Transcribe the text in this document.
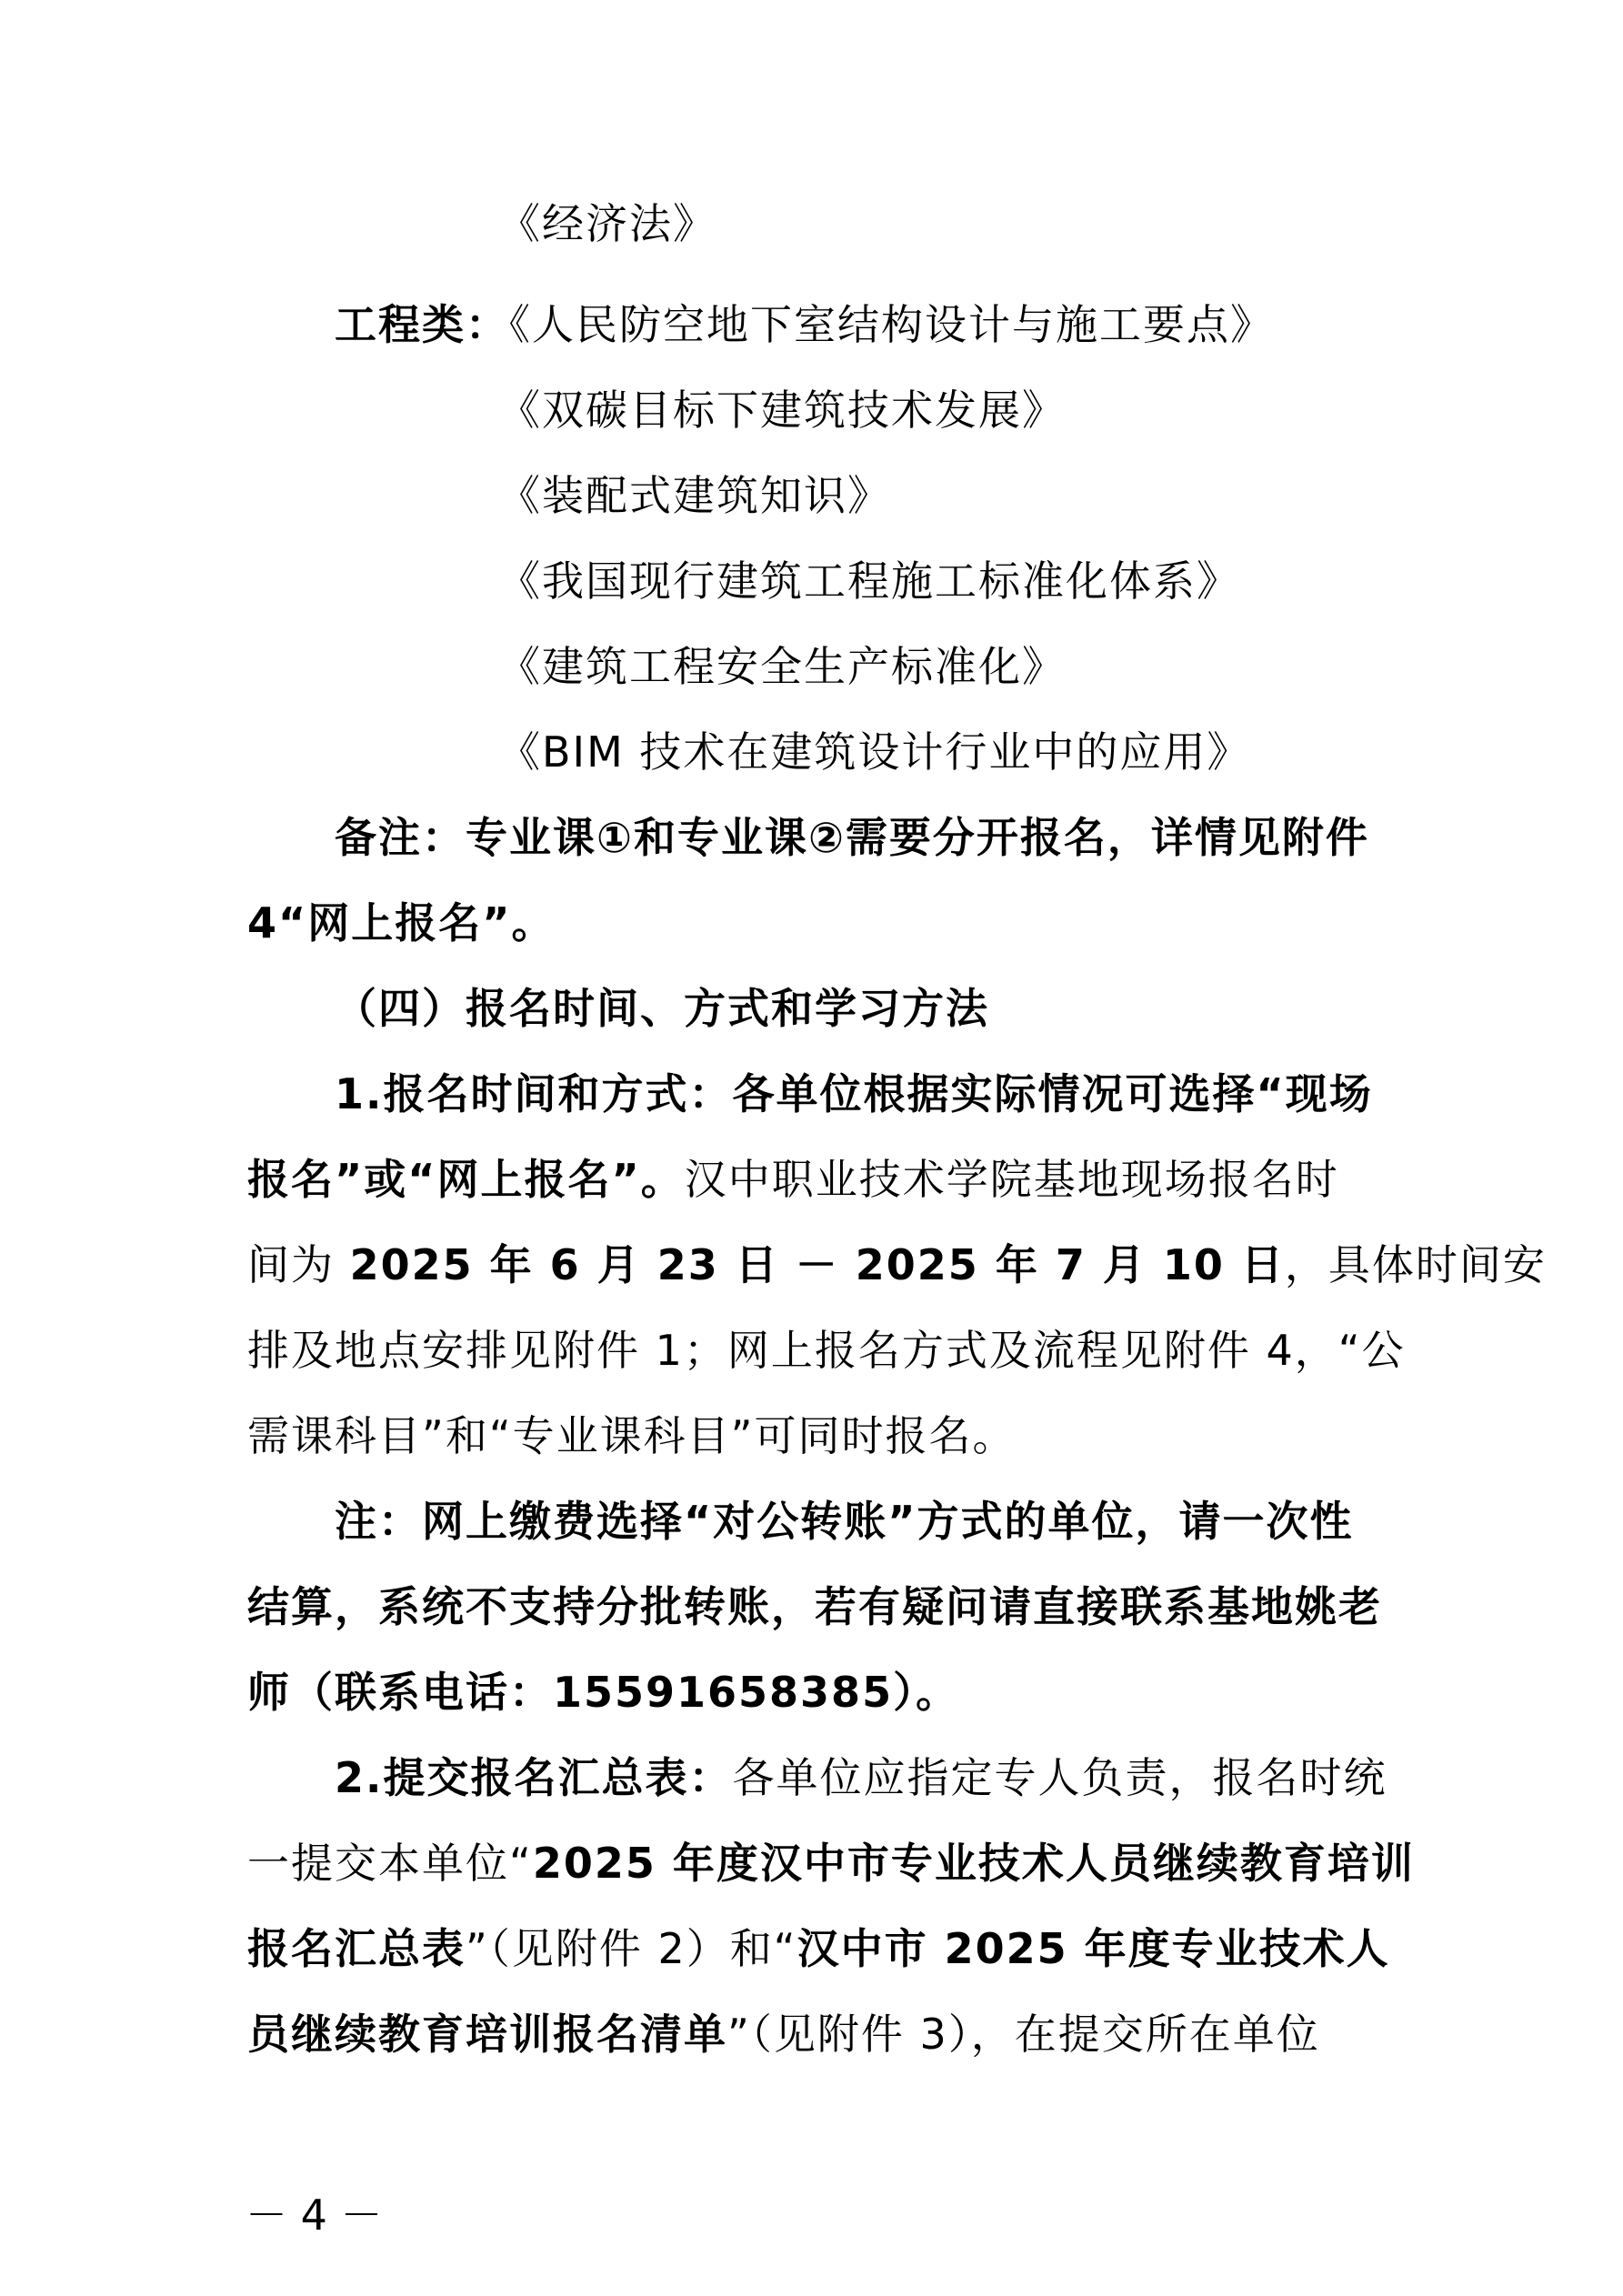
《经济法》
工程类：《人民防空地下室结构设计与施工要点》
《双碳目标下建筑技术发展》
《装配式建筑知识》
《我国现行建筑工程施工标准化体系》
《建筑工程安全生产标准化》
《BIM 技术在建筑设计行业中的应用》
备注：专业课①和专业课②需要分开报名，详情见附件
4“网上报名”。
（四）报名时间、方式和学习方法
1.报名时间和方式：各单位根据实际情况可选择“现场
报名”或“网上报名”。汉中职业技术学院基地现场报名时
间为 2025 年 6 月 23 日 － 2025 年 7 月 10 日，具体时间安
排及地点安排见附件 1；网上报名方式及流程见附件 4，“公
需课科目”和“专业课科目”可同时报名。
注：网上缴费选择“对公转账”方式的单位，请一次性
结算，系统不支持分批转账，若有疑问请直接联系基地姚老
师（联系电话：15591658385）。
2.提交报名汇总表：各单位应指定专人负责，报名时统
一提交本单位“2025 年度汉中市专业技术人员继续教育培训
报名汇总表”（见附件 2）和“汉中市 2025 年度专业技术人
员继续教育培训报名清单”（见附件 3），在提交所在单位
－ 4 －
